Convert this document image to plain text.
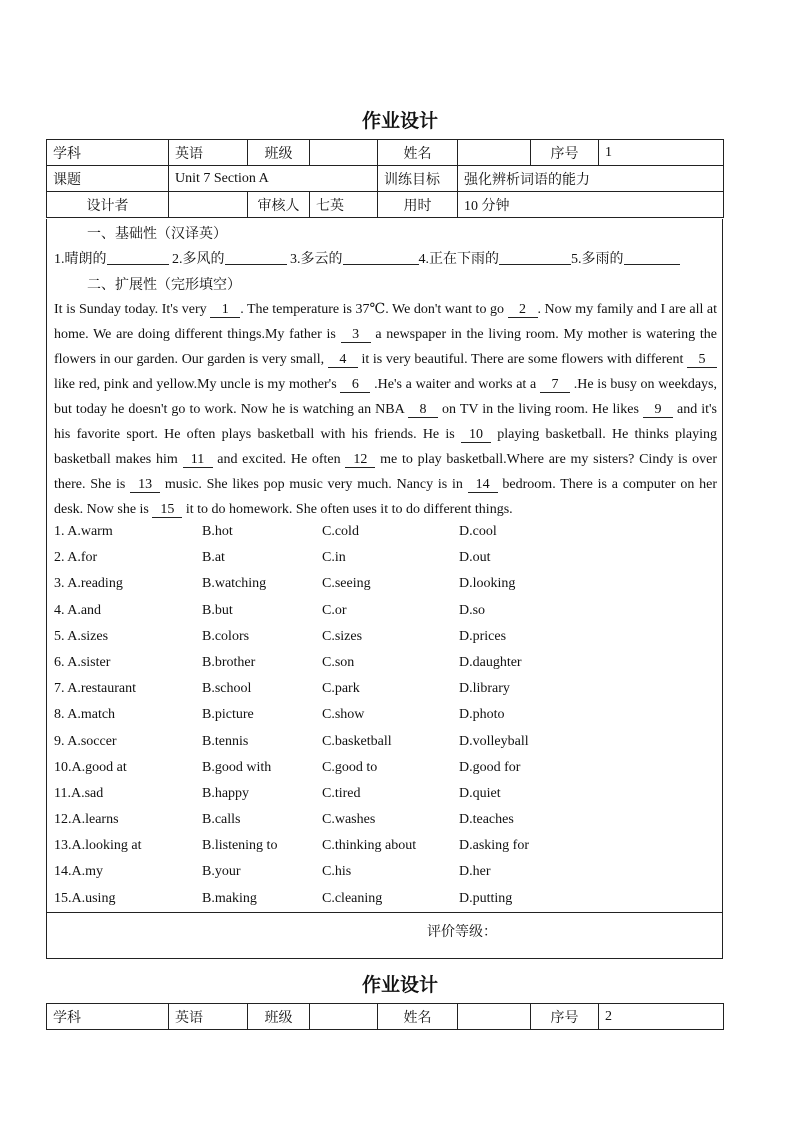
作业设计
学科	英语	班级		姓名		序号	1
课题	Unit 7 Section A			训练目标	强化辨析词语的能力		
设计者		审核人	七英	用时	10 分钟		
一、基础性（汉译英）
1.晴朗的	2.多风的	3.多云的	4.正在下雨的	5.多雨的
二、扩展性（完形填空）
It is Sunday today. It's very 1 . The temperature is 37℃. We don't want to go 2 . Now my family and I are all at home. We are doing different things.My father is 3 a newspaper in the living room. My mother is watering the flowers in our garden. Our garden is very small, 4 it is very beautiful. There are some flowers with different 5 like red, pink and yellow.My uncle is my mother's 6 .He's a waiter and works at a 7 .He is busy on weekdays, but today he doesn't go to work. Now he is watching an NBA 8 on TV in the living room. He likes 9 and it's his favorite sport. He often plays basketball with his friends. He is 10 playing basketball. He thinks playing basketball makes him 11 and excited. He often 12 me to play basketball.Where are my sisters? Cindy is over there. She is 13 music. She likes pop music very much. Nancy is in 14 bedroom. There is a computer on her desk. Now she is 15 it to do homework. She often uses it to do different things.
1. A.warm	B.hot	C.cold	D.cool
2. A.for	B.at	C.in	D.out
3. A.reading	B.watching	C.seeing	D.looking
4. A.and	B.but	C.or	D.so
5. A.sizes	B.colors	C.sizes	D.prices
6. A.sister	B.brother	C.son	D.daughter
7. A.restaurant	B.school	C.park	D.library
8. A.match	B.picture	C.show	D.photo
9. A.soccer	B.tennis	C.basketball	D.volleyball
10.A.good at	B.good with	C.good to	D.good for
11.A.sad	B.happy	C.tired	D.quiet
12.A.learns	B.calls	C.washes	D.teaches
13.A.looking at	B.listening to	C.thinking about	D.asking for
14.A.my	B.your	C.his	D.her
15.A.using	B.making	C.cleaning	D.putting
评价等级：
作业设计
学科	英语	班级		姓名		序号	2
